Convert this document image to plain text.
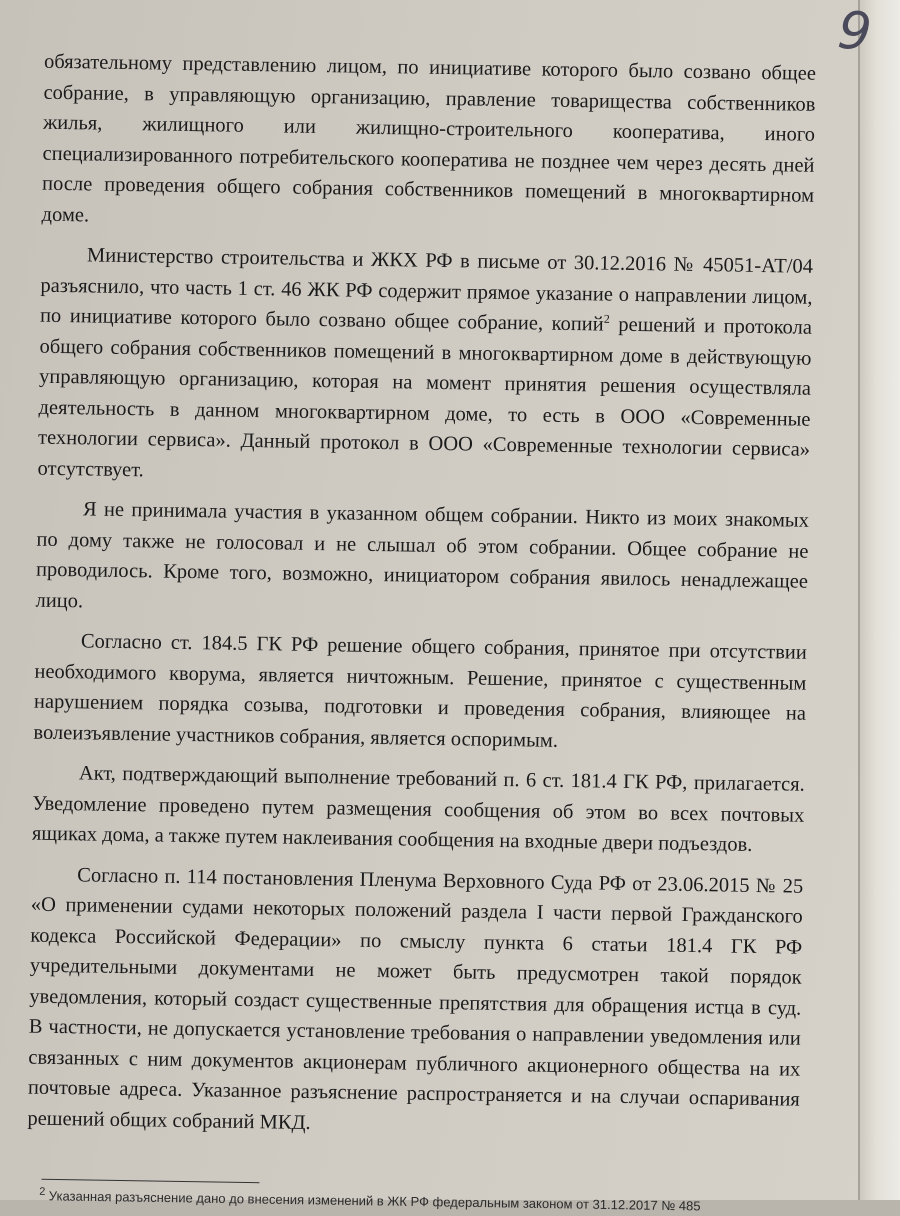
9

обязательному представлению лицом, по инициативе которого было созвано общее собрание, в управляющую организацию, правление товарищества собственников жилья, жилищного или жилищно-строительного кооператива, иного специализированного потребительского кооператива не позднее чем через десять дней после проведения общего собрания собственников помещений в многоквартирном доме.

Министерство строительства и ЖКХ РФ в письме от 30.12.2016 № 45051-АТ/04 разъяснило, что часть 1 ст. 46 ЖК РФ содержит прямое указание о направлении лицом, по инициативе которого было созвано общее собрание, копий$^2$ решений и протокола общего собрания собственников помещений в многоквартирном доме в действующую управляющую организацию, которая на момент принятия решения осуществляла деятельность в данном многоквартирном доме, то есть в ООО «Современные технологии сервиса». Данный протокол в ООО «Современные технологии сервиса» отсутствует.

Я не принимала участия в указанном общем собрании. Никто из моих знакомых по дому также не голосовал и не слышал об этом собрании. Общее собрание не проводилось. Кроме того, возможно, инициатором собрания явилось ненадлежащее лицо.

Согласно ст. 184.5 ГК РФ решение общего собрания, принятое при отсутствии необходимого кворума, является ничтожным. Решение, принятое с существенным нарушением порядка созыва, подготовки и проведения собрания, влияющее на волеизъявление участников собрания, является оспоримым.

Акт, подтверждающий выполнение требований п. 6 ст. 181.4 ГК РФ, прилагается. Уведомление проведено путем размещения сообщения об этом во всех почтовых ящиках дома, а также путем наклеивания сообщения на входные двери подъездов.

Согласно п. 114 постановления Пленума Верховного Суда РФ от 23.06.2015 № 25 «О применении судами некоторых положений раздела I части первой Гражданского кодекса Российской Федерации» по смыслу пункта 6 статьи 181.4 ГК РФ учредительными документами не может быть предусмотрен такой порядок уведомления, который создаст существенные препятствия для обращения истца в суд. В частности, не допускается установление требования о направлении уведомления или связанных с ним документов акционерам публичного акционерного общества на их почтовые адреса. Указанное разъяснение распространяется и на случаи оспаривания решений общих собраний МКД.

$^2$ Указанная разъяснение дано до внесения изменений в ЖК РФ федеральным законом от 31.12.2017 № 485
